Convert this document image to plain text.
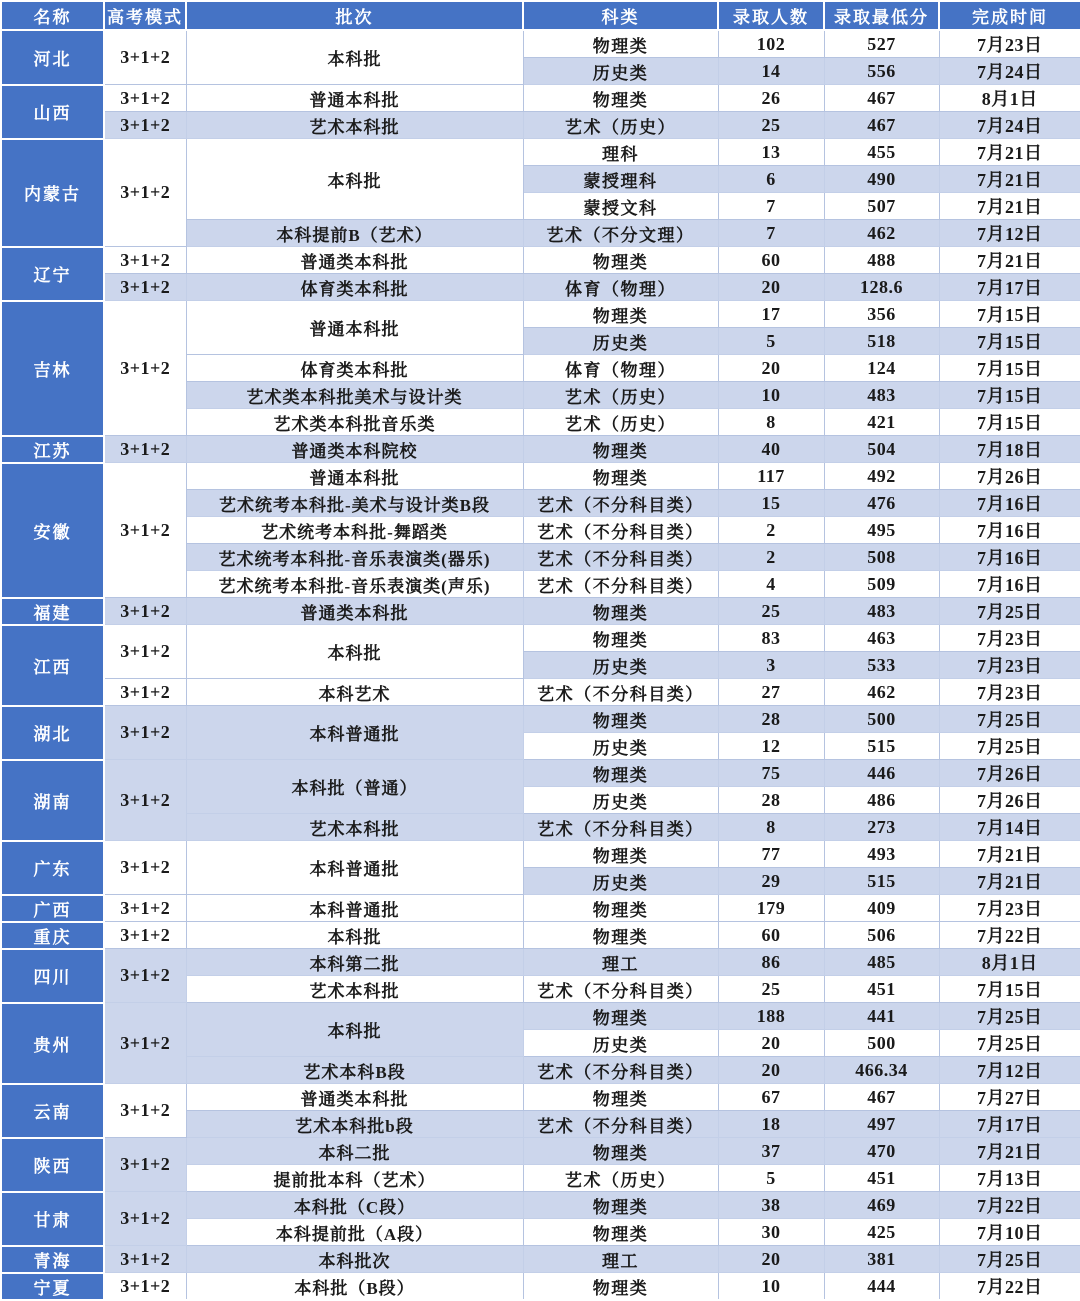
名称	高考模式	批次	科类	录取人数	录取最低分	完成时间
河北	3+1+2	本科批	物理类	102	527	7月23日
			历史类	14	556	7月24日
山西	3+1+2	普通本科批	物理类	26	467	8月1日
	3+1+2	艺术本科批	艺术（历史）	25	467	7月24日
内蒙古	3+1+2	本科批	理科	13	455	7月21日
			蒙授理科	6	490	7月21日
			蒙授文科	7	507	7月21日
		本科提前B（艺术）	艺术（不分文理）	7	462	7月12日
辽宁	3+1+2	普通类本科批	物理类	60	488	7月21日
	3+1+2	体育类本科批	体育（物理）	20	128.6	7月17日
吉林	3+1+2	普通本科批	物理类	17	356	7月15日
			历史类	5	518	7月15日
		体育类本科批	体育（物理）	20	124	7月15日
		艺术类本科批美术与设计类	艺术（历史）	10	483	7月15日
		艺术类本科批音乐类	艺术（历史）	8	421	7月15日
江苏	3+1+2	普通类本科院校	物理类	40	504	7月18日
安徽	3+1+2	普通本科批	物理类	117	492	7月26日
		艺术统考本科批-美术与设计类B段	艺术（不分科目类）	15	476	7月16日
		艺术统考本科批-舞蹈类	艺术（不分科目类）	2	495	7月16日
		艺术统考本科批-音乐表演类(器乐)	艺术（不分科目类）	2	508	7月16日
		艺术统考本科批-音乐表演类(声乐)	艺术（不分科目类）	4	509	7月16日
福建	3+1+2	普通类本科批	物理类	25	483	7月25日
江西	3+1+2	本科批	物理类	83	463	7月23日
			历史类	3	533	7月23日
	3+1+2	本科艺术	艺术（不分科目类）	27	462	7月23日
湖北	3+1+2	本科普通批	物理类	28	500	7月25日
			历史类	12	515	7月25日
湖南	3+1+2	本科批（普通）	物理类	75	446	7月26日
			历史类	28	486	7月26日
		艺术本科批	艺术（不分科目类）	8	273	7月14日
广东	3+1+2	本科普通批	物理类	77	493	7月21日
			历史类	29	515	7月21日
广西	3+1+2	本科普通批	物理类	179	409	7月23日
重庆	3+1+2	本科批	物理类	60	506	7月22日
四川	3+1+2	本科第二批	理工	86	485	8月1日
		艺术本科批	艺术（不分科目类）	25	451	7月15日
贵州	3+1+2	本科批	物理类	188	441	7月25日
			历史类	20	500	7月25日
		艺术本科B段	艺术（不分科目类）	20	466.34	7月12日
云南	3+1+2	普通类本科批	物理类	67	467	7月27日
		艺术本科批b段	艺术（不分科目类）	18	497	7月17日
陕西	3+1+2	本科二批	物理类	37	470	7月21日
		提前批本科（艺术）	艺术（历史）	5	451	7月13日
甘肃	3+1+2	本科批（C段）	物理类	38	469	7月22日
		本科提前批（A段）	物理类	30	425	7月10日
青海	3+1+2	本科批次	理工	20	381	7月25日
宁夏	3+1+2	本科批（B段）	物理类	10	444	7月22日
